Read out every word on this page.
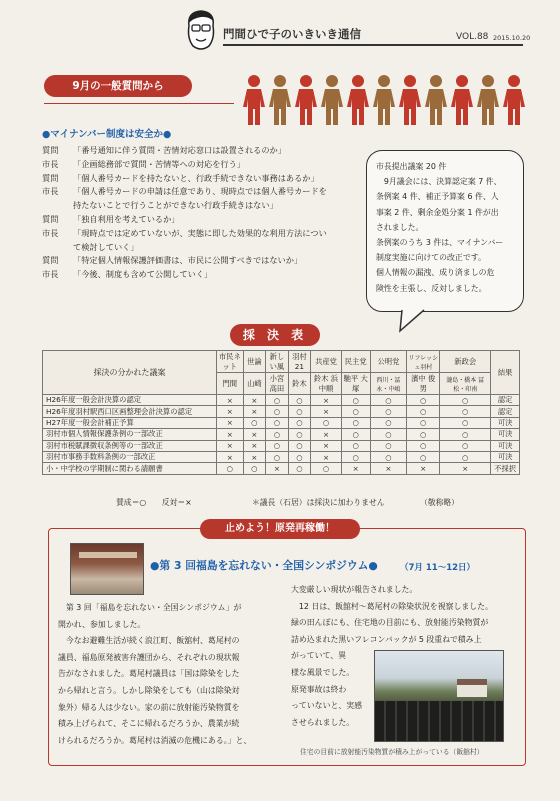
門間ひで子のいきいき通信	VOL.88 2015.10.20
9月の一般質問から
●マイナンバー制度は安全か●
質問	「番号通知に伴う質問・苦情対応窓口は設置されるのか」
市長	「企画総務部で質問・苦情等への対応を行う」
質問	「個人番号カードを持たないと、行政手続できない事務はあるか」
市長	「個人番号カードの申請は任意であり、現時点では個人番号カードを
持たないことで行うことができない行政手続きはない」
質問	「独自利用を考えているか」
市長	「現時点では定めていないが、実態に即した効果的な利用方法につい
て検討していく」
質問	「特定個人情報保護評価書は、市民に公開すべきではないか」
市長	「今後、制度も含めて公開していく」
市長提出議案 20 件
　9月議会には、決算認定案 7 件、
条例案 4 件、補正予算案 6 件、人
事案 2 件、剰余金処分案 1 件が出
されました。
条例案のうち 3 件は、マイナンバー
制度実施に向けての改正です。
個人情報の漏洩、成り済ましの危
険性を主張し、反対しました。
採 決 表
採決の分かれた議案	市民ネット	世論	新しい風	羽村21	共産党	民主党	公明党	リフレッシュ羽村	新政会	結果
	門間	山崎	小宮 高田	鈴木	鈴木 浜中順	馳平 大塚	西川・冨永・中嶋	濱中 俊男	瀧島・橋本 冨松・印南	
H26年度一般会計決算の認定	×	×	○	○	×	○	○	○	○	認定
H26年度羽村駅西口区画整理会計決算の認定	×	×	○	○	×	○	○	○	○	認定
H27年度一般会計補正予算	×	○	○	○	○	○	○	○	○	可決
羽村市個人情報保護条例の一部改正	×	×	○	○	×	○	○	○	○	可決
羽村市税賦課徴収条例等の一部改正	×	×	○	○	×	○	○	○	○	可決
羽村市事務手数料条例の一部改正	×	×	○	○	×	○	○	○	○	可決
小・中学校の学期制に関わる請願書	○	○	×	○	○	×	×	×	×	不採択
賛成＝○　　反対＝×	＊議長（石居）は採決に加わりません	（敬称略）
止めよう！原発再稼働！
●第 3 回福島を忘れない・全国シンポジウム●	（7月 11〜12日）
　第 3 回「福島を忘れない・全国シンポジウム」が
開かれ、参加しました。
　今なお避難生活が続く浪江町、飯舘村、葛尾村の
議員、福島原発被害弁護団から、それぞれの現状報
告がなされました。葛尾村議員は「国は除染をした
から帰れと言う。しかし除染をしても（山は除染対
象外）帰る人は少ない。家の前に放射能汚染物質を
積み上げられて、そこに帰れるだろうか、農業が続
けられるだろうか。葛尾村は消滅の危機にある。」と、
大変厳しい現状が報告されました。
　12 日は、飯舘村〜葛尾村の除染状況を視察しました。
緑の田んぼにも、住宅地の目前にも、放射能汚染物質が
詰め込まれた黒いフレコンバックが 5 段重ねで積み上
がっていて、異
様な風景でした。
原発事故は終わ
っていないと、実感
させられました。
住宅の目前に放射能汚染物質が積み上がっている（飯舘村）
